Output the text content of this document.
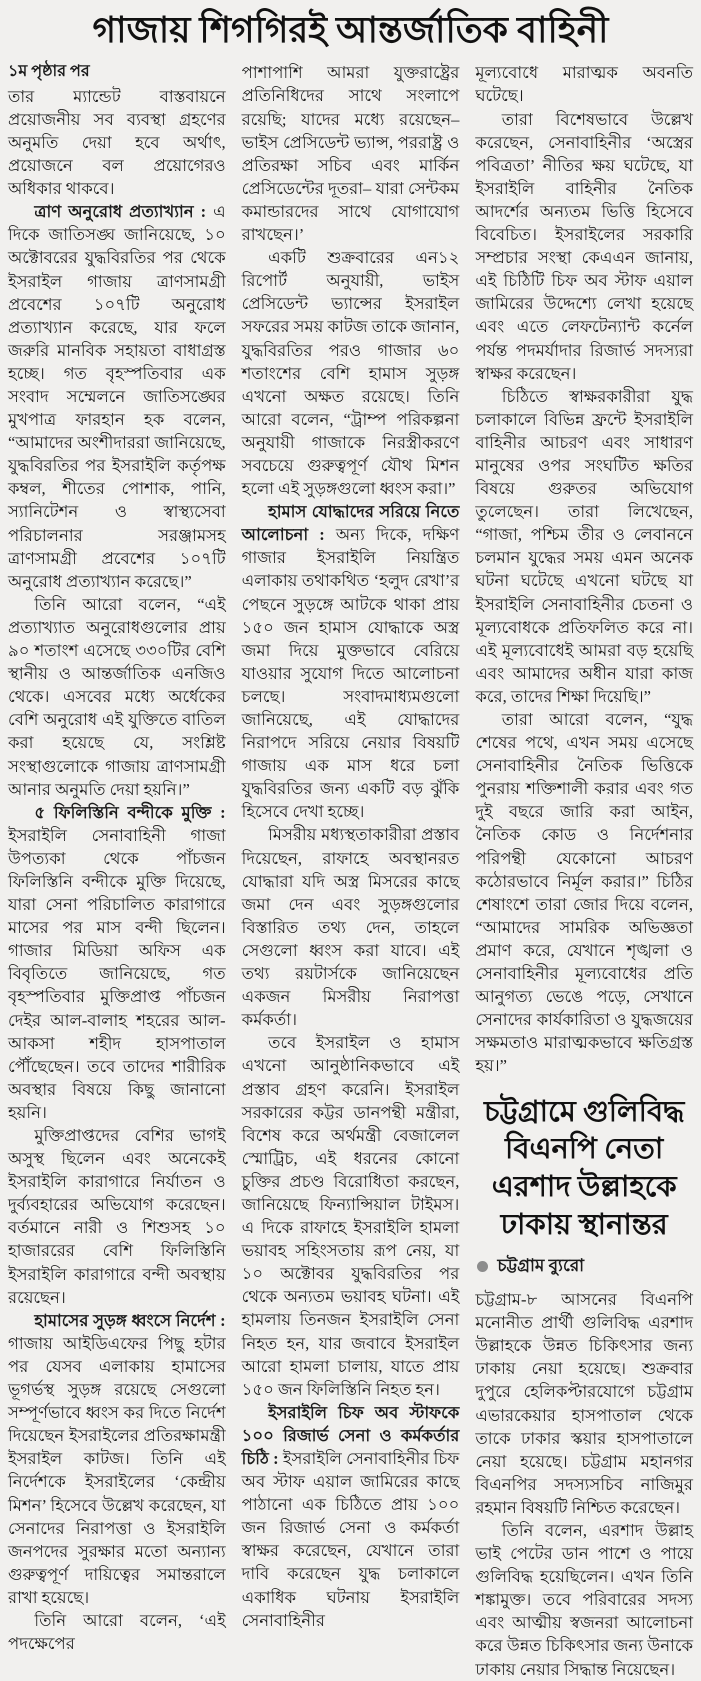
গাজায় শিগগিরই আন্তর্জাতিক বাহিনী

১ম পৃষ্ঠার পর

তার ম্যান্ডেট বাস্তবায়নে প্রয়োজনীয় সব ব্যবস্থা গ্রহণের অনুমতি দেয়া হবে অর্থাৎ, প্রয়োজনে বল প্রয়োগেরও অধিকার থাকবে।

ত্রাণ অনুরোধ প্রত্যাখ্যান : এ দিকে জাতিসঙ্ঘ জানিয়েছে, ১০ অক্টোবরের যুদ্ধবিরতির পর থেকে ইসরাইল গাজায় ত্রাণসামগ্রী প্রবেশের ১০৭টি অনুরোধ প্রত্যাখ্যান করেছে, যার ফলে জরুরি মানবিক সহায়তা বাধাগ্রস্ত হচ্ছে। গত বৃহস্পতিবার এক সংবাদ সম্মেলনে জাতিসঙ্ঘের মুখপাত্র ফারহান হক বলেন, “আমাদের অংশীদাররা জানিয়েছে, যুদ্ধবিরতির পর ইসরাইলি কর্তৃপক্ষ কম্বল, শীতের পোশাক, পানি, স্যানিটেশন ও স্বাস্থ্যসেবা পরিচালনার সরঞ্জামসহ ত্রাণসামগ্রী প্রবেশের ১০৭টি অনুরোধ প্রত্যাখ্যান করেছে।”

তিনি আরো বলেন, “এই প্রত্যাখ্যাত অনুরোধগুলোর প্রায় ৯০ শতাংশ এসেছে ৩৩০টির বেশি স্থানীয় ও আন্তর্জাতিক এনজিও থেকে। এসবের মধ্যে অর্ধেকের বেশি অনুরোধ এই যুক্তিতে বাতিল করা হয়েছে যে, সংশ্লিষ্ট সংস্থাগুলোকে গাজায় ত্রাণসামগ্রী আনার অনুমতি দেয়া হয়নি।”

৫ ফিলিস্তিনি বন্দীকে মুক্তি : ইসরাইলি সেনাবাহিনী গাজা উপত্যকা থেকে পাঁচজন ফিলিস্তিনি বন্দীকে মুক্তি দিয়েছে, যারা সেনা পরিচালিত কারাগারে মাসের পর মাস বন্দী ছিলেন। গাজার মিডিয়া অফিস এক বিবৃতিতে জানিয়েছে, গত বৃহস্পতিবার মুক্তিপ্রাপ্ত পাঁচজন দেইর আল-বালাহ শহরের আল-আকসা শহীদ হাসপাতাল পৌঁছেছেন। তবে তাদের শারীরিক অবস্থার বিষয়ে কিছু জানানো হয়নি।

মুক্তিপ্রাপ্তদের বেশির ভাগই অসুস্থ ছিলেন এবং অনেকেই ইসরাইলি কারাগারে নির্যাতন ও দুর্ব্যবহারের অভিযোগ করেছেন। বর্তমানে নারী ও শিশুসহ ১০ হাজাররের বেশি ফিলিস্তিনি ইসরাইলি কারাগারে বন্দী অবস্থায় রয়েছেন।

হামাসের সুড়ঙ্গ ধ্বংসে নির্দেশ : গাজায় আইডিএফের পিছু হটার পর যেসব এলাকায় হামাসের ভূগর্ভস্থ সুড়ঙ্গ রয়েছে সেগুলো সম্পূর্ণভাবে ধ্বংস কর দিতে নির্দেশ দিয়েছেন ইসরাইলের প্রতিরক্ষামন্ত্রী ইসরাইল কাটজ। তিনি এই নির্দেশকে ইসরাইলের ‘কেন্দ্রীয় মিশন’ হিসেবে উল্লেখ করেছেন, যা সেনাদের নিরাপত্তা ও ইসরাইলি জনপদের সুরক্ষার মতো অন্যান্য গুরুত্বপূর্ণ দায়িত্বের সমান্তরালে রাখা হয়েছে।

তিনি আরো বলেন, ‘এই পদক্ষেপের

পাশাপাশি আমরা যুক্তরাষ্ট্রের প্রতিনিধিদের সাথে সংলাপে রয়েছি; যাদের মধ্যে রয়েছেন– ভাইস প্রেসিডেন্ট ভ্যান্স, পররাষ্ট্র ও প্রতিরক্ষা সচিব এবং মার্কিন প্রেসিডেন্টের দূতরা– যারা সেন্টকম কমান্ডারদের সাথে যোগাযোগ রাখছেন।’

একটি শুক্রবারের এন১২ রিপোর্ট অনুযায়ী, ভাইস প্রেসিডেন্ট ভ্যান্সের ইসরাইল সফরের সময় কাটজ তাকে জানান, যুদ্ধবিরতির পরও গাজার ৬০ শতাংশের বেশি হামাস সুড়ঙ্গ এখনো অক্ষত রয়েছে। তিনি আরো বলেন, “ট্রাম্প পরিকল্পনা অনুযায়ী গাজাকে নিরস্ত্রীকরণে সবচেয়ে গুরুত্বপূর্ণ যৌথ মিশন হলো এই সুড়ঙ্গগুলো ধ্বংস করা।”

হামাস যোদ্ধাদের সরিয়ে নিতে আলোচনা : অন্য দিকে, দক্ষিণ গাজার ইসরাইলি নিয়ন্ত্রিত এলাকায় তথাকথিত ‘হলুদ রেখা’র পেছনে সুড়ঙ্গে আটকে থাকা প্রায় ১৫০ জন হামাস যোদ্ধাকে অস্ত্র জমা দিয়ে মুক্তভাবে বেরিয়ে যাওয়ার সুযোগ দিতে আলোচনা চলছে। সংবাদমাধ্যমগুলো জানিয়েছে, এই যোদ্ধাদের নিরাপদে সরিয়ে নেয়ার বিষয়টি গাজায় এক মাস ধরে চলা যুদ্ধবিরতির জন্য একটি বড় ঝুঁকি হিসেবে দেখা হচ্ছে।

মিসরীয় মধ্যস্থতাকারীরা প্রস্তাব দিয়েছেন, রাফাহে অবস্থানরত যোদ্ধারা যদি অস্ত্র মিসরের কাছে জমা দেন এবং সুড়ঙ্গগুলোর বিস্তারিত তথ্য দেন, তাহলে সেগুলো ধ্বংস করা যাবে। এই তথ্য রয়টার্সকে জানিয়েছেন একজন মিসরীয় নিরাপত্তা কর্মকর্তা।

তবে ইসরাইল ও হামাস এখনো আনুষ্ঠানিকভাবে এই প্রস্তাব গ্রহণ করেনি। ইসরাইল সরকারের কট্টর ডানপন্থী মন্ত্রীরা, বিশেষ করে অর্থমন্ত্রী বেজালেল স্মোট্রিচ, এই ধরনের কোনো চুক্তির প্রচণ্ড বিরোধিতা করছেন, জানিয়েছে ফিন্যান্সিয়াল টাইমস। এ দিকে রাফাহে ইসরাইলি হামলা ভয়াবহ সহিংসতায় রূপ নেয়, যা ১০ অক্টোবর যুদ্ধবিরতির পর থেকে অন্যতম ভয়াবহ ঘটনা। এই হামলায় তিনজন ইসরাইলি সেনা নিহত হন, যার জবাবে ইসরাইল আরো হামলা চালায়, যাতে প্রায় ১৫০ জন ফিলিস্তিনি নিহত হন।

ইসরাইলি চিফ অব স্টাফকে ১০০ রিজার্ভ সেনা ও কর্মকর্তার চিঠি : ইসরাইলি সেনাবাহিনীর চিফ অব স্টাফ এয়াল জামিরের কাছে পাঠানো এক চিঠিতে প্রায় ১০০ জন রিজার্ভ সেনা ও কর্মকর্তা স্বাক্ষর করেছেন, যেখানে তারা দাবি করেছেন যুদ্ধ চলাকালে একাধিক ঘটনায় ইসরাইলি সেনাবাহিনীর

মূল্যবোধে মারাত্মক অবনতি ঘটেছে।

তারা বিশেষভাবে উল্লেখ করেছেন, সেনাবাহিনীর ‘অস্ত্রের পবিত্রতা’ নীতির ক্ষয় ঘটেছে, যা ইসরাইলি বাহিনীর নৈতিক আদর্শের অন্যতম ভিত্তি হিসেবে বিবেচিত। ইসরাইলের সরকারি সম্প্রচার সংস্থা কেএএন জানায়, এই চিঠিটি চিফ অব স্টাফ এয়াল জামিরের উদ্দেশ্যে লেখা হয়েছে এবং এতে লেফটেন্যান্ট কর্নেল পর্যন্ত পদমর্যাদার রিজার্ভ সদস্যরা স্বাক্ষর করেছেন।

চিঠিতে স্বাক্ষরকারীরা যুদ্ধ চলাকালে বিভিন্ন ফ্রন্টে ইসরাইলি বাহিনীর আচরণ এবং সাধারণ মানুষের ওপর সংঘটিত ক্ষতির বিষয়ে গুরুতর অভিযোগ তুলেছেন। তারা লিখেছেন, “গাজা, পশ্চিম তীর ও লেবাননে চলমান যুদ্ধের সময় এমন অনেক ঘটনা ঘটেছে এখনো ঘটছে যা ইসরাইলি সেনাবাহিনীর চেতনা ও মূল্যবোধকে প্রতিফলিত করে না। এই মূল্যবোধেই আমরা বড় হয়েছি এবং আমাদের অধীন যারা কাজ করে, তাদের শিক্ষা দিয়েছি।”

তারা আরো বলেন, “যুদ্ধ শেষের পথে, এখন সময় এসেছে সেনাবাহিনীর নৈতিক ভিত্তিকে পুনরায় শক্তিশালী করার এবং গত দুই বছরে জারি করা আইন, নৈতিক কোড ও নির্দেশনার পরিপন্থী যেকোনো আচরণ কঠোরভাবে নির্মূল করার।” চিঠির শেষাংশে তারা জোর দিয়ে বলেন, “আমাদের সামরিক অভিজ্ঞতা প্রমাণ করে, যেখানে শৃঙ্খলা ও সেনাবাহিনীর মূল্যবোধের প্রতি আনুগত্য ভেঙে পড়ে, সেখানে সেনাদের কার্যকারিতা ও যুদ্ধজয়ের সক্ষমতাও মারাত্মকভাবে ক্ষতিগ্রস্ত হয়।”

চট্টগ্রামে গুলিবিদ্ধ বিএনপি নেতা এরশাদ উল্লাহকে ঢাকায় স্থানান্তর
চট্টগ্রাম ব্যুরো

চট্টগ্রাম-৮ আসনের বিএনপি মনোনীত প্রার্থী গুলিবিদ্ধ এরশাদ উল্লাহকে উন্নত চিকিৎসার জন্য ঢাকায় নেয়া হয়েছে। শুক্রবার দুপুরে হেলিকপ্টারযোগে চট্টগ্রাম এভারকেয়ার হাসপাতাল থেকে তাকে ঢাকার স্কয়ার হাসপাতালে নেয়া হয়েছে। চট্টগ্রাম মহানগর বিএনপির সদস্যসচিব নাজিমুর রহমান বিষয়টি নিশ্চিত করেছেন।

তিনি বলেন, এরশাদ উল্লাহ ভাই পেটের ডান পাশে ও পায়ে গুলিবিদ্ধ হয়েছিলেন। এখন তিনি শঙ্কামুক্ত। তবে পরিবারের সদস্য এবং আত্মীয় স্বজনরা আলোচনা করে উন্নত চিকিৎসার জন্য উনাকে ঢাকায় নেয়ার সিদ্ধান্ত নিয়েছেন।
